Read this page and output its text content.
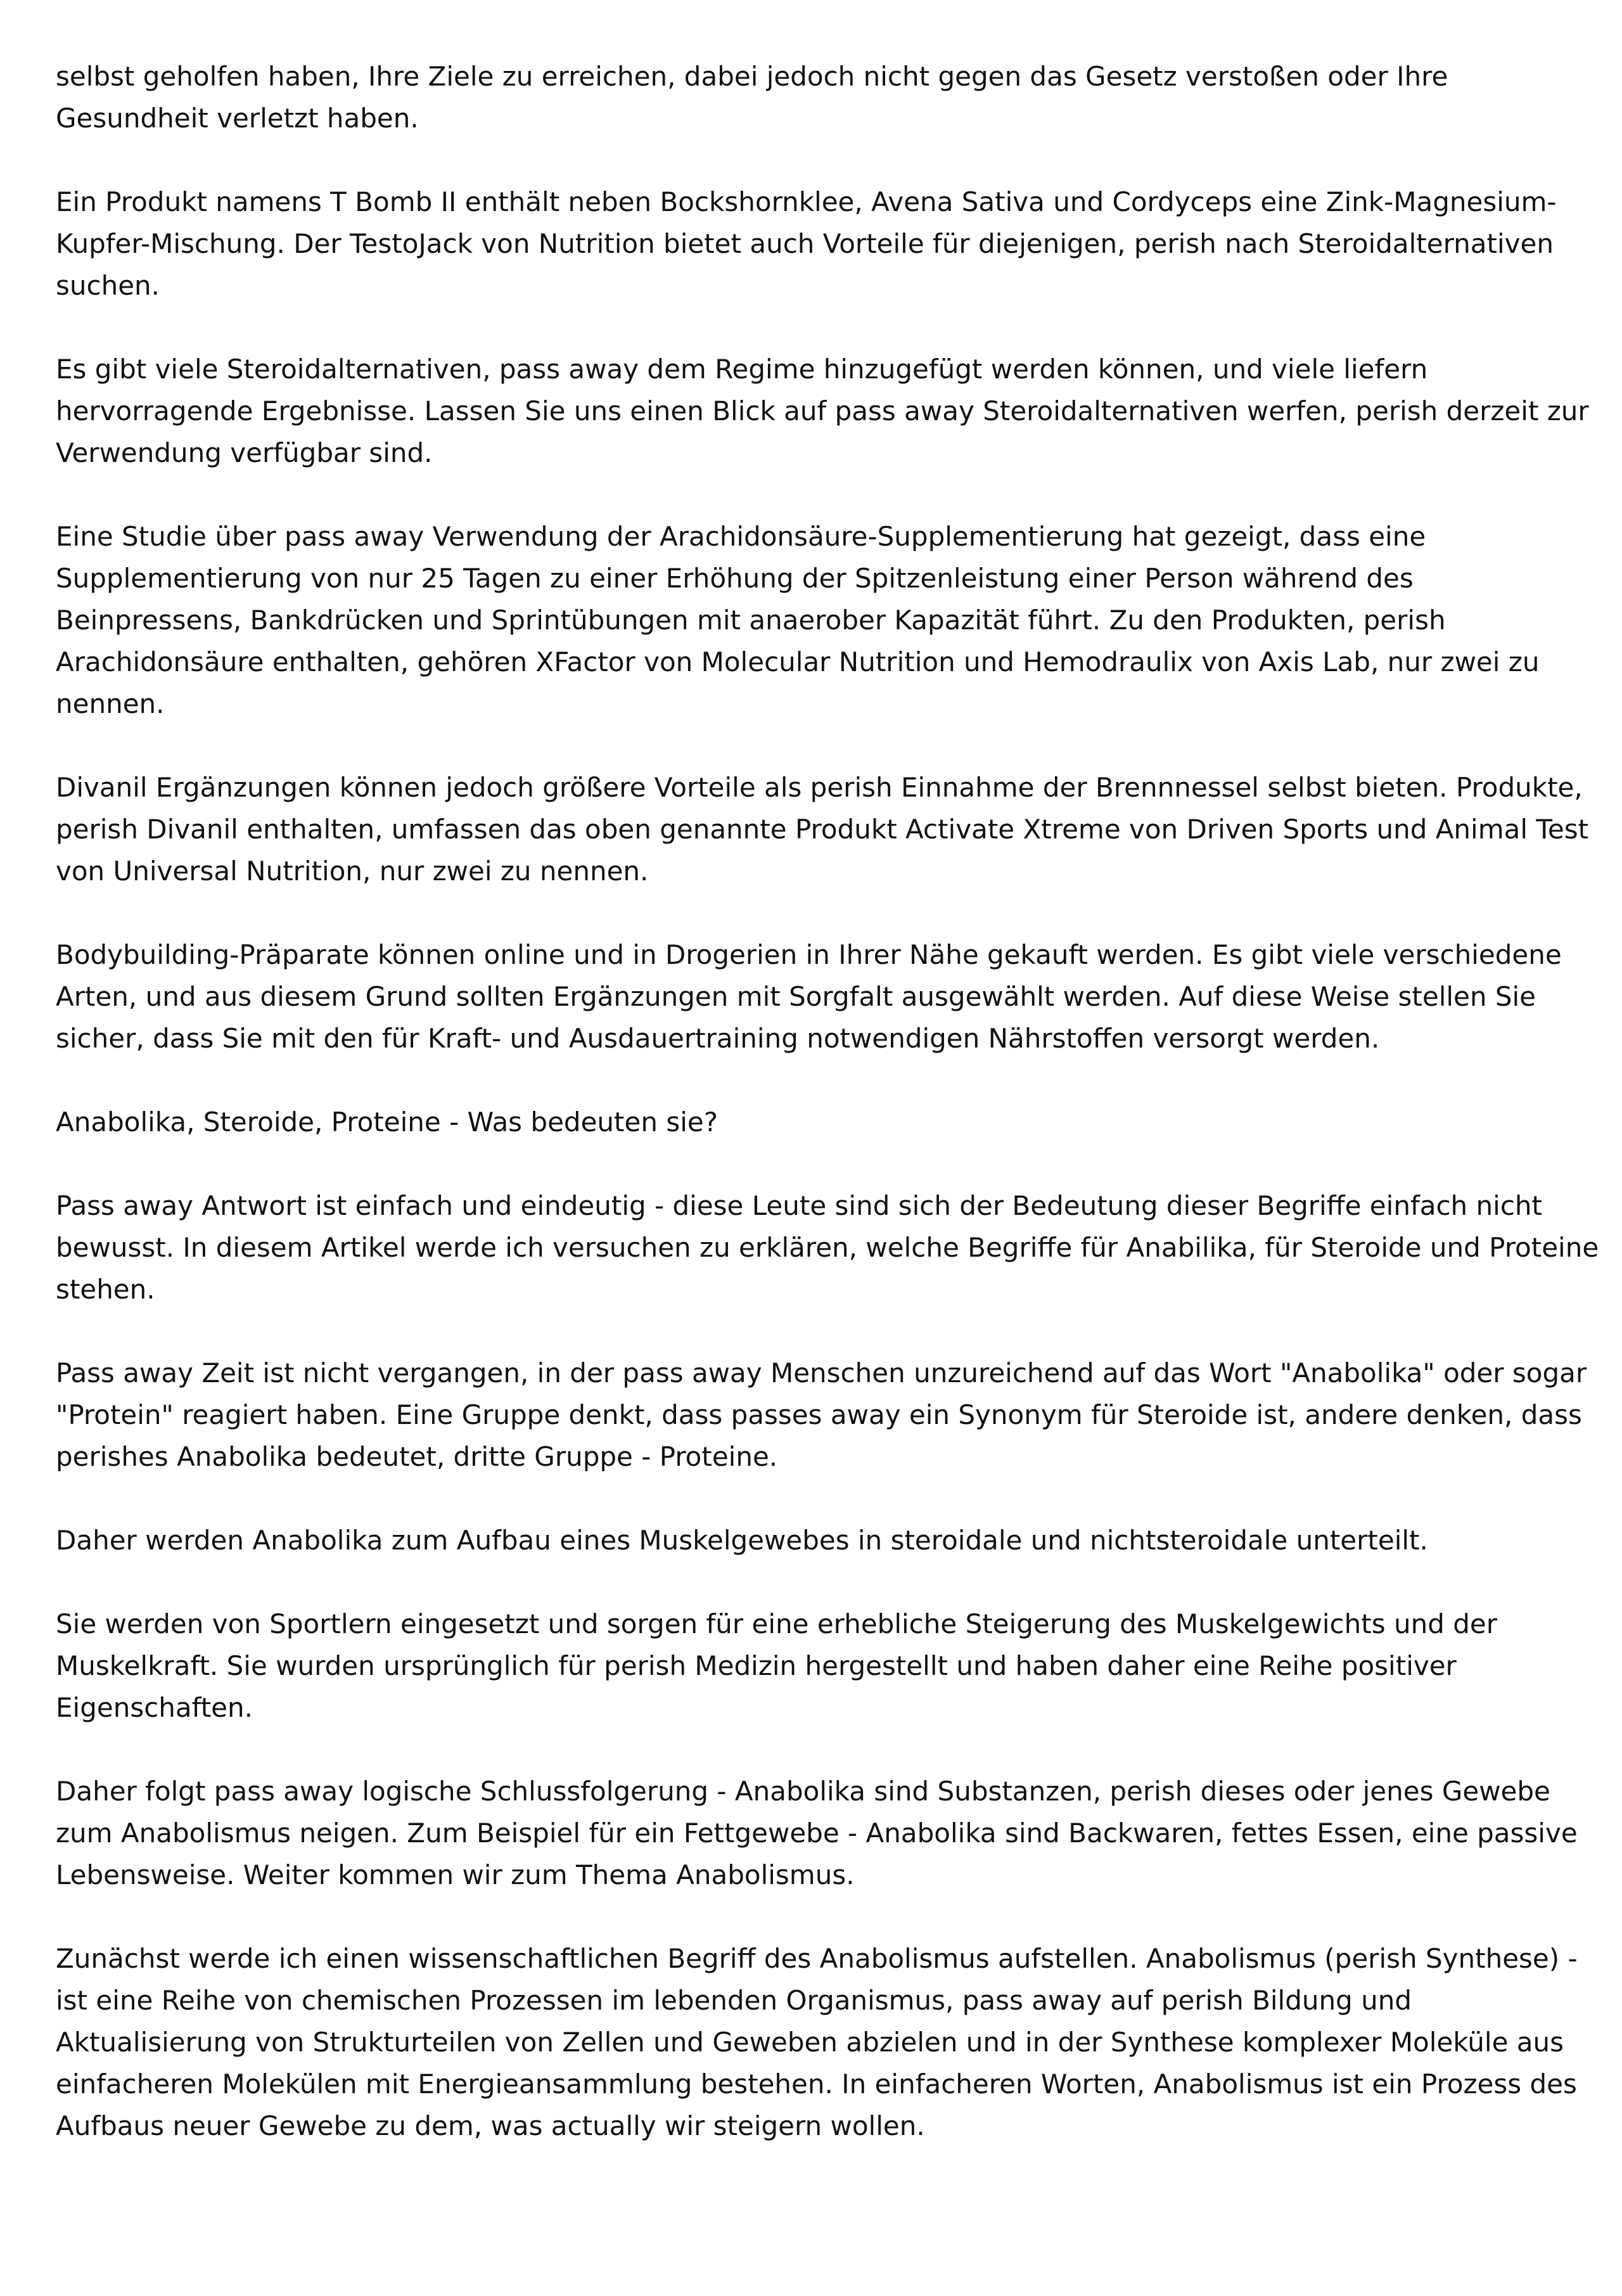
selbst geholfen haben, Ihre Ziele zu erreichen, dabei jedoch nicht gegen das Gesetz verstoßen oder Ihre Gesundheit verletzt haben.

Ein Produkt namens T Bomb II enthält neben Bockshornklee, Avena Sativa und Cordyceps eine Zink-Magnesium-Kupfer-Mischung. Der TestoJack von Nutrition bietet auch Vorteile für diejenigen, perish nach Steroidalternativen suchen.

Es gibt viele Steroidalternativen, pass away dem Regime hinzugefügt werden können, und viele liefern hervorragende Ergebnisse. Lassen Sie uns einen Blick auf pass away Steroidalternativen werfen, perish derzeit zur Verwendung verfügbar sind.

Eine Studie über pass away Verwendung der Arachidonsäure-Supplementierung hat gezeigt, dass eine Supplementierung von nur 25 Tagen zu einer Erhöhung der Spitzenleistung einer Person während des Beinpressens, Bankdrücken und Sprintübungen mit anaerober Kapazität führt. Zu den Produkten, perish Arachidonsäure enthalten, gehören XFactor von Molecular Nutrition und Hemodraulix von Axis Lab, nur zwei zu nennen.

Divanil Ergänzungen können jedoch größere Vorteile als perish Einnahme der Brennnessel selbst bieten. Produkte, perish Divanil enthalten, umfassen das oben genannte Produkt Activate Xtreme von Driven Sports und Animal Test von Universal Nutrition, nur zwei zu nennen.

Bodybuilding-Präparate können online und in Drogerien in Ihrer Nähe gekauft werden. Es gibt viele verschiedene Arten, und aus diesem Grund sollten Ergänzungen mit Sorgfalt ausgewählt werden. Auf diese Weise stellen Sie sicher, dass Sie mit den für Kraft- und Ausdauertraining notwendigen Nährstoffen versorgt werden.

Anabolika, Steroide, Proteine - Was bedeuten sie?

Pass away Antwort ist einfach und eindeutig - diese Leute sind sich der Bedeutung dieser Begriffe einfach nicht bewusst. In diesem Artikel werde ich versuchen zu erklären, welche Begriffe für Anabilika, für Steroide und Proteine stehen.

Pass away Zeit ist nicht vergangen, in der pass away Menschen unzureichend auf das Wort "Anabolika" oder sogar "Protein" reagiert haben. Eine Gruppe denkt, dass passes away ein Synonym für Steroide ist, andere denken, dass perishes Anabolika bedeutet, dritte Gruppe - Proteine.

Daher werden Anabolika zum Aufbau eines Muskelgewebes in steroidale und nichtsteroidale unterteilt.

Sie werden von Sportlern eingesetzt und sorgen für eine erhebliche Steigerung des Muskelgewichts und der Muskelkraft. Sie wurden ursprünglich für perish Medizin hergestellt und haben daher eine Reihe positiver Eigenschaften.

Daher folgt pass away logische Schlussfolgerung - Anabolika sind Substanzen, perish dieses oder jenes Gewebe zum Anabolismus neigen. Zum Beispiel für ein Fettgewebe - Anabolika sind Backwaren, fettes Essen, eine passive Lebensweise. Weiter kommen wir zum Thema Anabolismus.

Zunächst werde ich einen wissenschaftlichen Begriff des Anabolismus aufstellen. Anabolismus (perish Synthese) - ist eine Reihe von chemischen Prozessen im lebenden Organismus, pass away auf perish Bildung und Aktualisierung von Strukturteilen von Zellen und Geweben abzielen und in der Synthese komplexer Moleküle aus einfacheren Molekülen mit Energieansammlung bestehen. In einfacheren Worten, Anabolismus ist ein Prozess des Aufbaus neuer Gewebe zu dem, was actually wir steigern wollen.
